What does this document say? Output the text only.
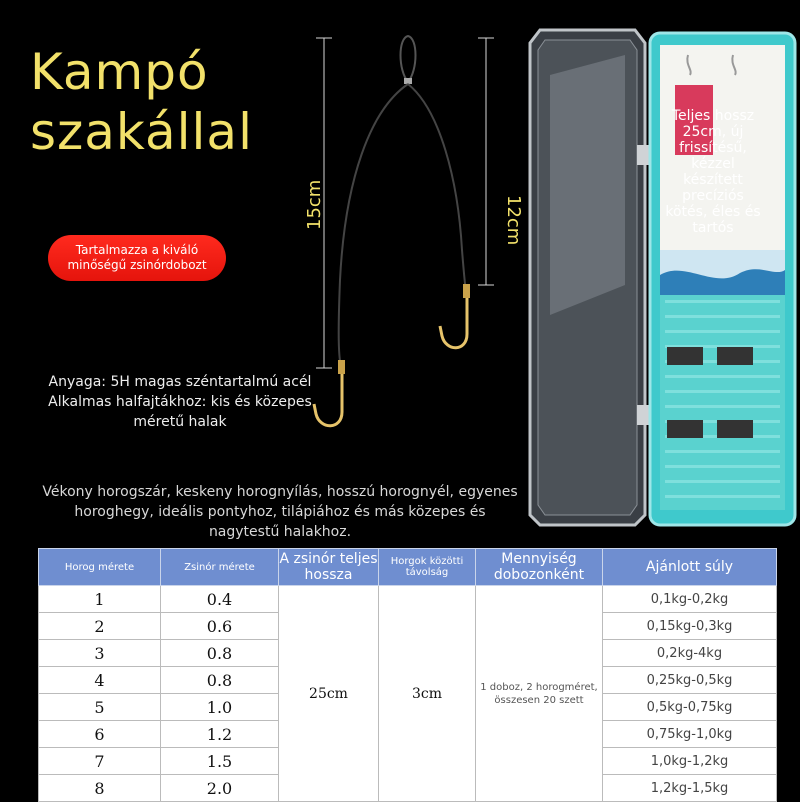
Kampó
szakállal
Tartalmazza a kiváló minőségű zsinórdobozt
15cm	12cm
Anyaga: 5H magas széntartalmú acél Alkalmas halfajtákhoz: kis és közepes méretű halak
Teljes hossz 25cm, új frissítésű, kézzel készített precíziós kötés, éles és tartós
Vékony horogszár, keskeny horognyílás, hosszú horognyél, egyenes horoghegy, ideális pontyhoz, tilápiához és más közepes és nagytestű halakhoz.
Horog mérete	Zsinór mérete	A zsinór teljes hossza	Horgok közötti távolság	Mennyiség dobozonként	Ajánlott súly
1	0.4	25cm	3cm	1 doboz, 2 horogméret, összesen 20 szett	0,1kg-0,2kg
2	0.6				0,15kg-0,3kg
3	0.8				0,2kg-4kg
4	0.8				0,25kg-0,5kg
5	1.0				0,5kg-0,75kg
6	1.2				0,75kg-1,0kg
7	1.5				1,0kg-1,2kg
8	2.0				1,2kg-1,5kg
